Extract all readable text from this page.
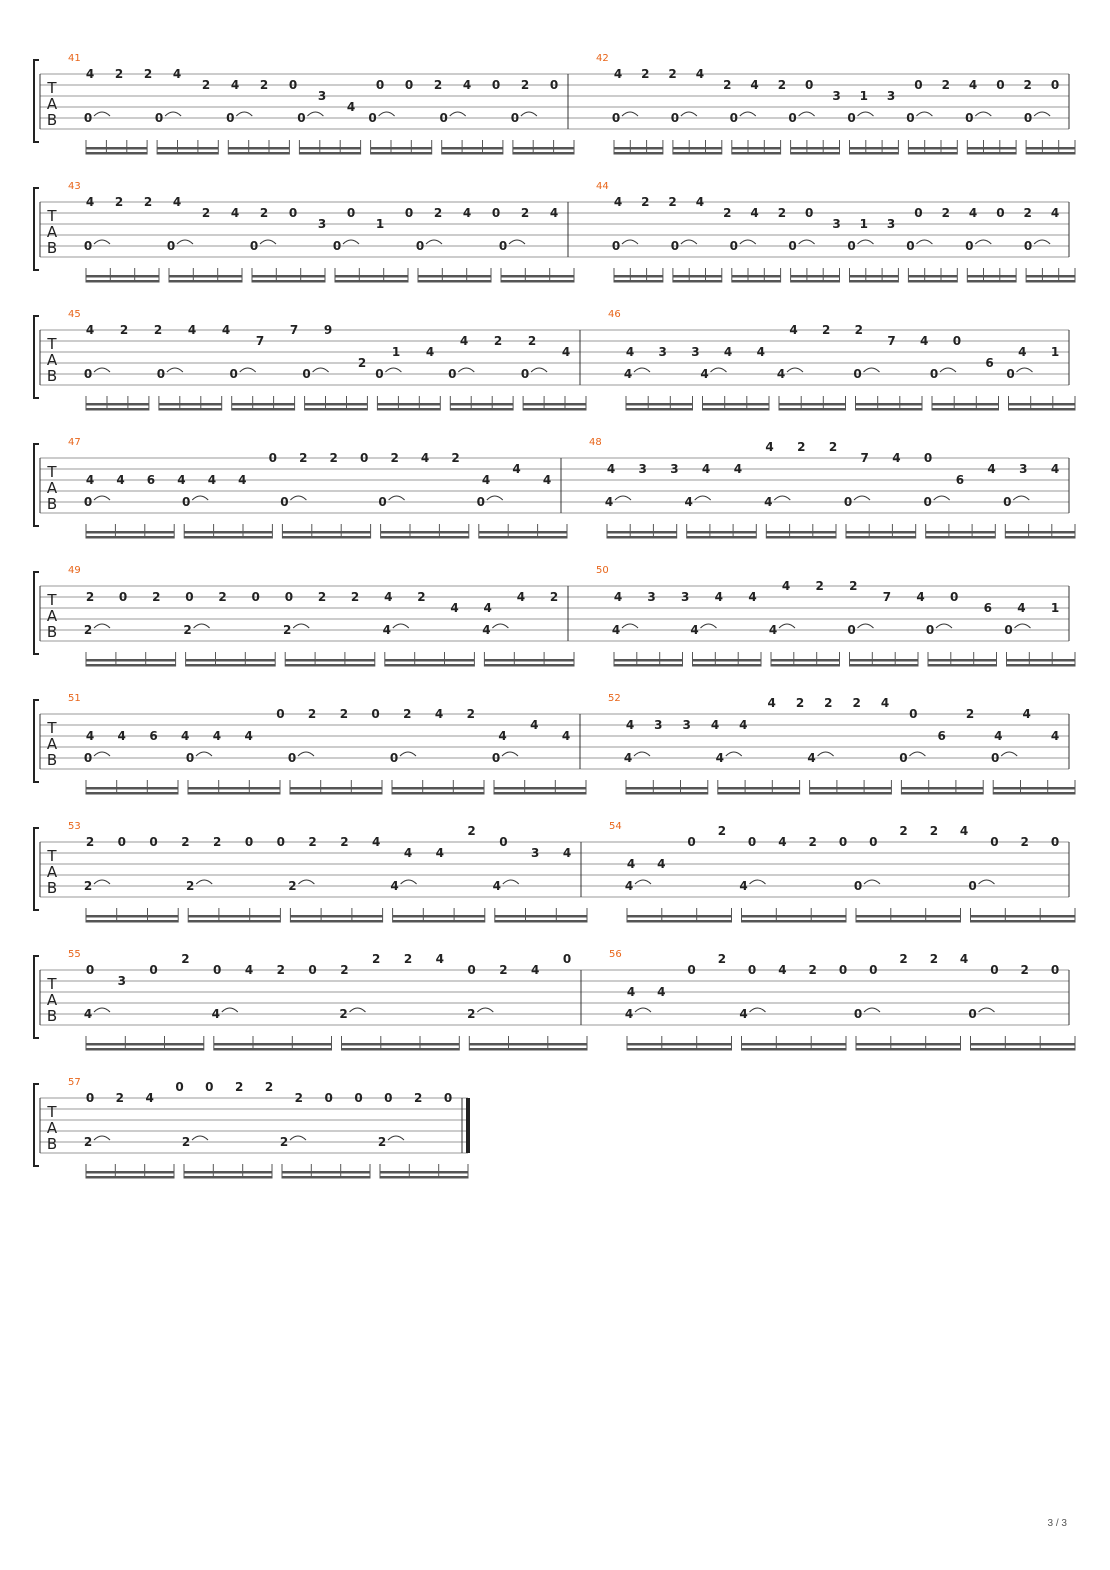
T
A
B
41
4 2 2 4
2 4 2 0
3
4
0 0 2 4 0 2 0
0	0	0	0	0	0	0
42
4 2 2 4
2 4 2 0
3 1 3
0 2 4 0 2 0
0	0	0	0	0	0	0	0
T
A
B
43
4 2 2 4
2 4 2 0
3
0
1
0 2 4 0 2 4
0	0	0	0	0	0
44
4 2 2 4
2 4 2 0
3 1 3
0 2 4 0 2 4
0	0	0	0	0	0	0	0
T
A
B
45
4 2 2 4 4
7
7 9
2
1 4
4 2 2
4
0	0	0	0	0	0	0
46
4 3 3 4 4
4 2 2
7 4 0
6
4 1
4	4	4	0	0	0
T
A
B
47
4 4 6 4 4 4
0 2 2 0 2 4 2
4
4
4
0	0	0	0	0
48
4 3 3 4 4
4 2 2
7 4 0
6
4 3 4
4	4	4	0	0	0
T
A
B
49
2 0 2 0 2 0 0 2 2 4 2
4 4
4 2
2	2	2	4	4
50
4 3 3 4 4
4 2 2
7 4 0
6 4 1
4	4	4	0	0	0
T
A
B
51
4 4 6 4 4 4
0 2 2 0 2 4 2
4
4
4
0	0	0	0	0
52
4 3 3 4 4
4 2 2 2 4
0
6
2
4
4
4
4	4	4	0	0
T
A
B
53
2 0 0 2 2 0 0 2 2 4
4 4
2
0
3 4
2	2	2	4	4
54
4 4
0
2
0 4 2 0 0
2 2 4
0 2 0
4	4	0	0
T
A
B
55
0
3
0
2
0 4 2 0 2
2 2 4
0 2 4
0
4	4	2	2
56
4 4
0
2
0 4 2 0 0
2 2 4
0 2 0
4	4	0	0
T
A
B
57
0 2 4
0 0 2 2
2 0 0 0 2 0
2	2	2	2
3 / 3
